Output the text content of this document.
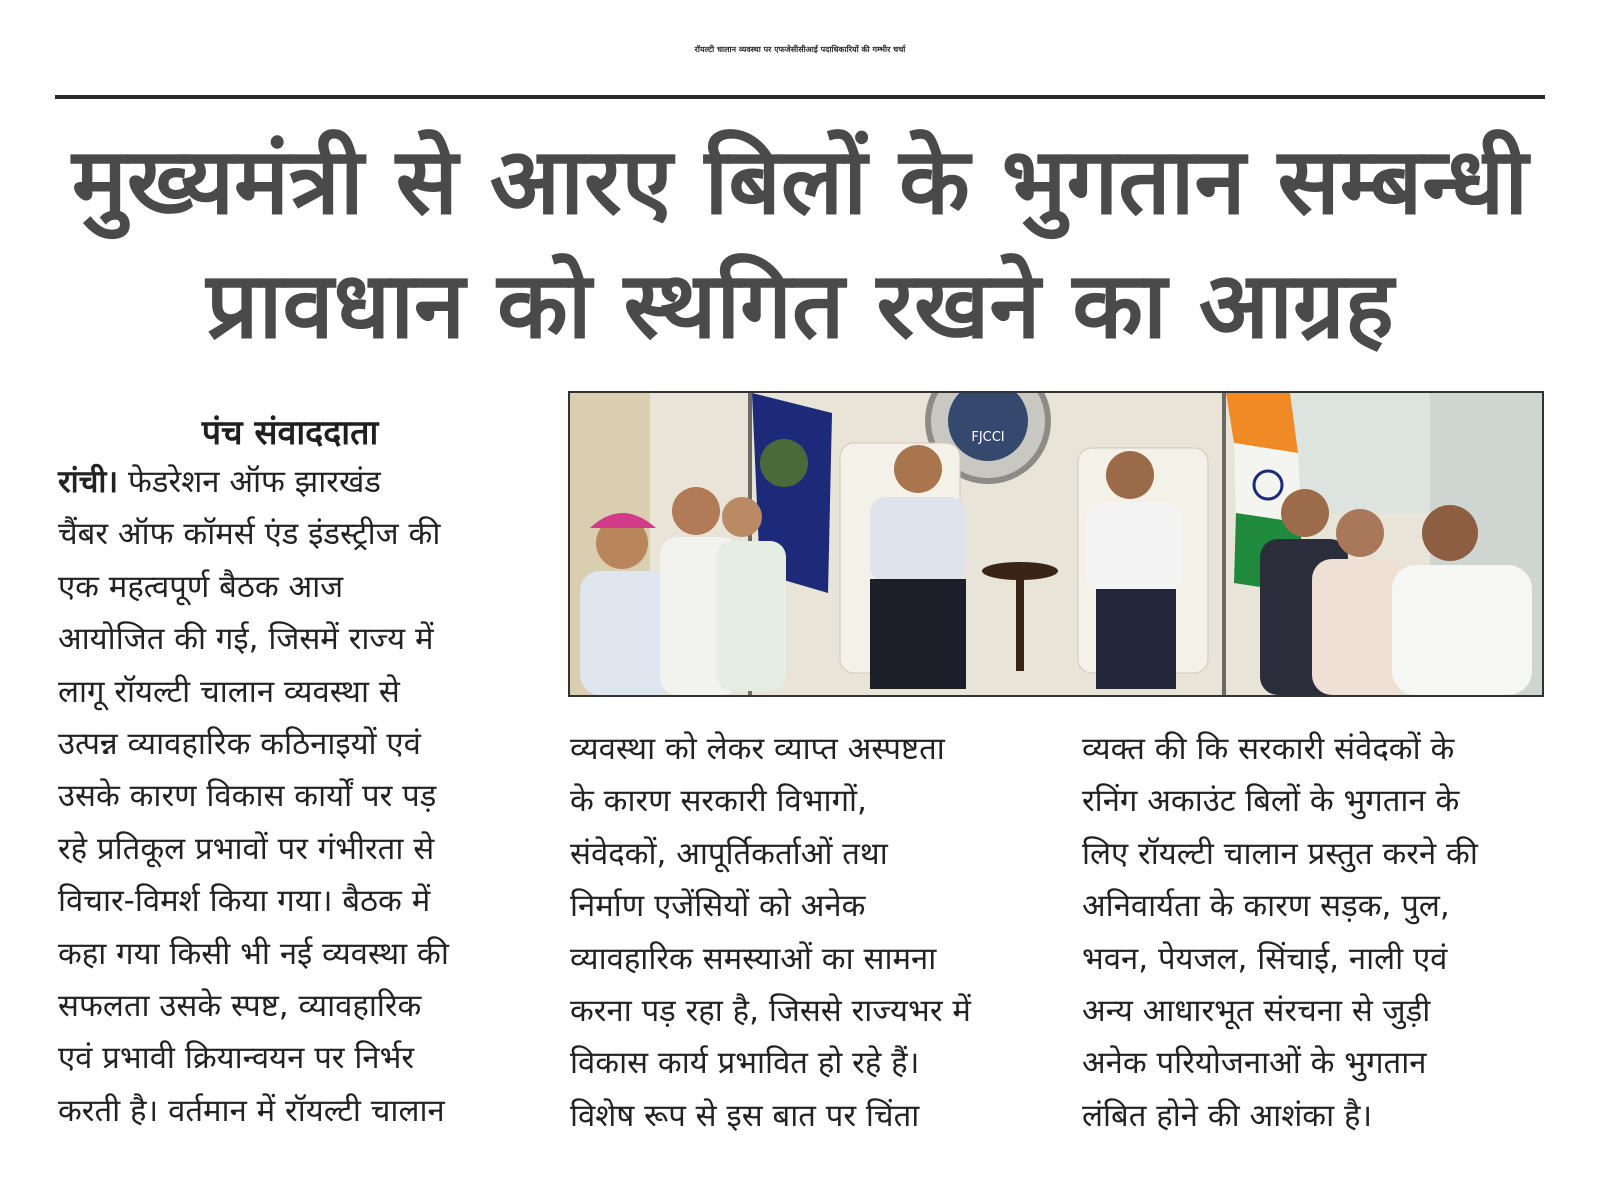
रॉयल्टी चालान व्यवस्था पर एफजेसीसीआई पदाधिकारियों की गम्भीर चर्चा
मुख्यमंत्री से आरए बिलों के भुगतान सम्बन्धी
प्रावधान को स्थगित रखने का आग्रह
पंच संवाददाता
रांची। फेडरेशन ऑफ झारखंड
चैंबर ऑफ कॉमर्स एंड इंडस्ट्रीज की
एक महत्वपूर्ण बैठक आज
आयोजित की गई, जिसमें राज्य में
लागू रॉयल्टी चालान व्यवस्था से
उत्पन्न व्यावहारिक कठिनाइयों एवं
उसके कारण विकास कार्यों पर पड़
रहे प्रतिकूल प्रभावों पर गंभीरता से
विचार-विमर्श किया गया। बैठक में
कहा गया किसी भी नई व्यवस्था की
सफलता उसके स्पष्ट, व्यावहारिक
एवं प्रभावी क्रियान्वयन पर निर्भर
करती है। वर्तमान में रॉयल्टी चालान
FJCCI
व्यवस्था को लेकर व्याप्त अस्पष्टता
के कारण सरकारी विभागों,
संवेदकों, आपूर्तिकर्ताओं तथा
निर्माण एजेंसियों को अनेक
व्यावहारिक समस्याओं का सामना
करना पड़ रहा है, जिससे राज्यभर में
विकास कार्य प्रभावित हो रहे हैं।
विशेष रूप से इस बात पर चिंता
व्यक्त की कि सरकारी संवेदकों के
रनिंग अकाउंट बिलों के भुगतान के
लिए रॉयल्टी चालान प्रस्तुत करने की
अनिवार्यता के कारण सड़क, पुल,
भवन, पेयजल, सिंचाई, नाली एवं
अन्य आधारभूत संरचना से जुड़ी
अनेक परियोजनाओं के भुगतान
लंबित होने की आशंका है।
